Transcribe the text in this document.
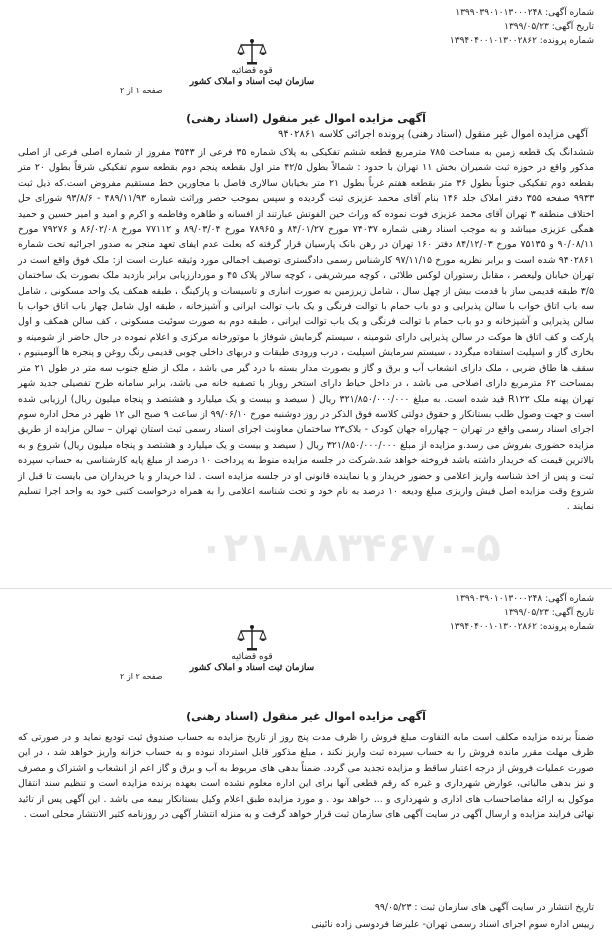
شماره آگهی: ۱۳۹۹۰۳۹۰۱۰۱۳۰۰۰۲۴۸
تاریخ آگهی: ۱۳۹۹/۰۵/۲۳
شماره پرونده: ۱۳۹۴۰۴۰۰۱۰۱۳۰۰۲۸۶۲
قوه قضائیه
سازمان ثبت اسناد و املاک کشور
صفحه ۱ از ۲
آگهی مزایده اموال غیر منقول (اسناد رهنی)
آگهی مزایده اموال غیر منقول (اسناد رهنی) پرونده اجرائی کلاسه ۹۴۰۲۸۶۱

ششدانگ یک قطعه زمین به مساحت ۷۸۵ مترمربع قطعه ششم تفکیکی به پلاک شماره ۳۵ فرعی از ۳۵۴۳ مفروز از شماره اصلی فرعی از اصلی مذکور واقع در حوزه ثبت شمیران بخش ۱۱ تهران با حدود : شمالاً بطول ۴۲/۵ متر اول بقطعه پنجم دوم بقطعه سوم تفکیکی شرقاً بطول ۲۰ متر بقطعه دوم تفکیکی جنوباً بطول ۳۶ متر بقطعه هفتم غرباً بطول ۲۱ متر بخیابان سالاری فاصل با مجاورین خط مستقیم مفروض است.که ذیل ثبت ۹۹۳۳ صفحه ۳۵۵ دفتر املاک جلد ۱۴۶ بنام آقای محمد عزیزی ثبت گردیده و سپس بموجب حصر وراثت شماره ۴۸۹/۱۱/۹۳ - ۹۳/۸/۶ شورای حل اختلاف منطقه ۳ تهران آقای محمد عزیزی فوت نموده که وراث حین الفوتش عبارتند از افسانه و طاهره وفاطمه و اکرم و امید و امیر حسین و حمید همگی عزیزی میباشد و به موجب اسناد رهنی شماره ۷۴۰۳۷ مورخ ۸۴/۰۱/۲۷ و ۷۸۹۶۵ مورخ ۸۹/۰۳/۰۴ و ۷۷۱۱۲ مورخ ۸۶/۰۲/۰۸ و ۷۹۲۷۶ مورخ ۹۰/۰۸/۱۱ و ۷۵۱۳۵ مورخ ۸۴/۱۲/۰۳ دفتر ۱۶۰ تهران در رهن بانک پارسیان قرار گرفته که بعلت عدم ایفای تعهد منجر به صدور اجرائیه تحت شماره ۹۴۰۲۸۶۱ شده است و برابر نظریه مورخ ۹۷/۱۱/۱۵ کارشناس رسمی دادگستری توصیف اجمالی مورد وثیقه عبارت است از: ملک فوق واقع است در تهران خیابان ولیعصر ، مقابل رستوران لوکس طلائی ، کوچه میرشریفی ، کوچه سالار پلاک ۴۵ و موردارزیابی برابر بازدید ملک بصورت یک ساختمان ۳/۵ طبقه قدیمی ساز با قدمت بیش از چهل سال ، شامل زیرزمین به صورت انباری و تاسیسات و پارکینگ ، طبقه همکف یک واحد مسکونی ، شامل سه باب اتاق خواب با سالن پذیرایی و دو باب حمام با توالت فرنگی و یک باب توالت ایرانی و آشپزخانه ، طبقه اول شامل چهار باب اتاق خواب با سالن پذیرایی و آشپزخانه و دو باب حمام با توالت فرنگی و یک باب توالت ایرانی ، طبقه دوم به صورت سوئیت مسکونی ، کف سالن همکف و اول پارکت و کف اتاق ها موکت در سالن پذیرایی دارای شومینه ، سیستم گرمایش شوفاژ با موتورخانه مرکزی و اعلام نموده در حال حاضر از شومینه و بخاری گاز و اسپلیت استفاده میگردد ، سیستم سرمایش اسپلیت ، درب ورودی طبقات و دربهای داخلی چوبی قدیمی رنگ روغن و پنجره ها آلومینیوم ، سقف ها طاق ضربی ، ملک دارای انشعاب آب و برق و گاز و بصورت مدار بسته با درد گیر می باشد ، ملک از ضلع جنوب سه متر در طول ۲۱ متر بمساحت ۶۲ مترمربع دارای اصلاحی می باشد ، در داخل حیاط دارای استخر روباز با تصفیه خانه می باشد، برابر سامانه طرح تفصیلی جدید شهر تهران پهنه ملک R۱۲۲ قید شده است. به مبلغ ۳۲۱/۸۵۰/۰۰۰/۰۰۰ ریال ( سیصد و بیست و یک میلیارد و هشتصد و پنجاه میلیون ریال) ارزیابی شده است و جهت وصول طلب بستانکار و حقوق دولتی کلاسه فوق الذکر در روز دوشنبه مورخ ۹۹/۰۶/۱۰ از ساعت ۹ صبح الی ۱۲ ظهر در محل اداره سوم اجرای اسناد رسمی واقع در تهران – چهارراه جهان کودک - بلاک۲۳ ساختمان معاونت اجرای اسناد رسمی ثبت استان تهران – سالن مزایده از طریق مزایده حضوری بفروش می رسد.و مزایده از مبلغ ۳۲۱/۸۵۰/۰۰۰/۰۰۰ ریال ( سیصد و بیست و یک میلیارد و هشتصد و پنجاه میلیون ریال) شروع و به بالاترین قیمت که خریدار داشته باشد فروخته خواهد شد.شرکت در جلسه مزایده منوط به پرداخت ۱۰ درصد از مبلغ پایه کارشناسی به حساب سپرده ثبت و پس از اخذ شناسه واریز اعلامی و حضور خریدار و یا نماینده قانونی او در جلسه مزایده است . لذا خریدار و یا خریداران می بایست تا قبل از شروع وقت مزایده اصل فیش واریزی مبلغ ودیعه ۱۰ درصد به نام خود و تحت شناسه اعلامی را به همراه درخواست کتبی خود به واحد اجرا تسلیم نمایند .

۰۲۱-۸۸۳۴۶۷۰-۵
شماره آگهی: ۱۳۹۹۰۳۹۰۱۰۱۳۰۰۰۲۴۸
تاریخ آگهی: ۱۳۹۹/۰۵/۲۳
شماره پرونده: ۱۳۹۴۰۴۰۰۱۰۱۳۰۰۲۸۶۲
قوه قضائیه
سازمان ثبت اسناد و املاک کشور
صفحه ۲ از ۲
آگهی مزایده اموال غیر منقول (اسناد رهنی)

ضمناً برنده مزایده مکلف است مابه التفاوت مبلغ فروش را ظرف مدت پنج روز از تاریخ مزایده به حساب صندوق ثبت تودیع نماید و در صورتی که ظرف مهلت مقرر مانده فروش را به حساب سپرده ثبت واریز نکند ، مبلغ مذکور قابل استرداد نبوده و به حساب خزانه واریز خواهد شد ، در این صورت عملیات فروش از درجه اعتبار ساقط و مزایده تجدید می گردد. ضمناً بدهی های مربوط به آب و برق و گاز اعم از انشعاب و اشتراک و مصرف و نیز بدهی مالیاتی، عوارض شهرداری و غیره که رقم قطعی آنها برای این اداره معلوم نشده است بعهده برنده مزایده است و تنظیم سند انتقال موکول به ارائه مفاصاحساب های اداری و شهرداری و ... خواهد بود . و مورد مزایده طبق اعلام وکیل بستانکار بیمه می باشد . این آگهی پس از تائید نهائی فرایند مزایده و ارسال آگهی در سایت آگهی های سازمان ثبت قرار خواهد گرفت و به منزله انتشار آگهی در روزنامه کثیر الانتشار محلی است .

تاریخ انتشار در سایت آگهی های سازمان ثبت : ۹۹/۰۵/۲۳
رییس اداره سوم اجرای اسناد رسمی تهران- علیرضا فردوسی زاده نائینی
